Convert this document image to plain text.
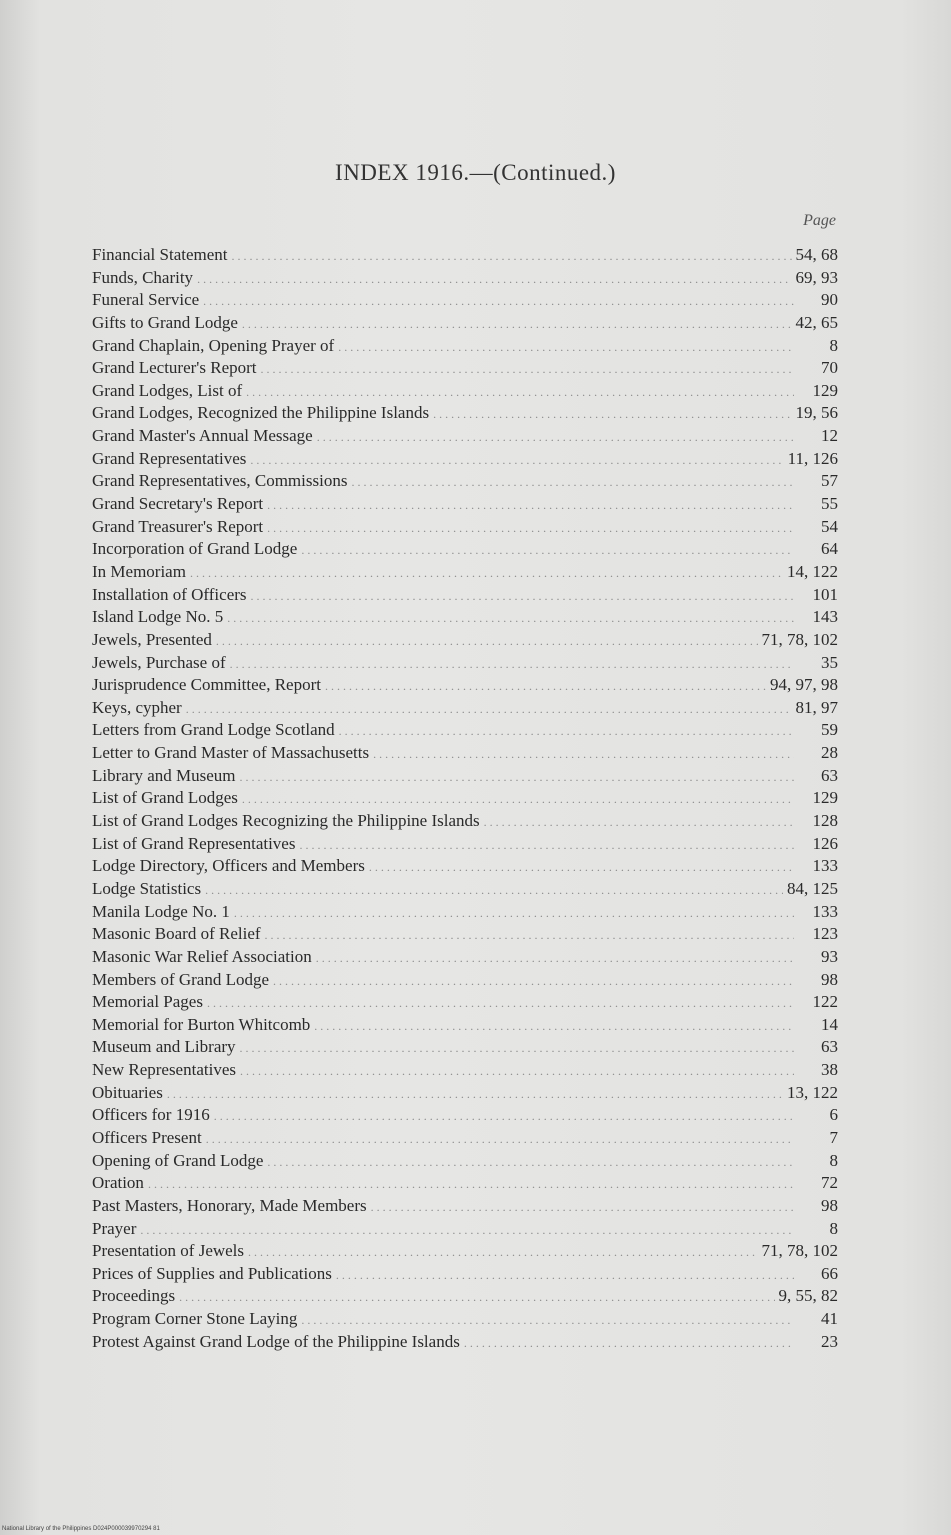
INDEX 1916.—(Continued.)
Page
Financial Statement .....	54, 68
Funds, Charity .....	69, 93
Funeral Service .....	90
Gifts to Grand Lodge .....	42, 65
Grand Chaplain, Opening Prayer of .....	8
Grand Lecturer's Report .....	70
Grand Lodges, List of .....	129
Grand Lodges, Recognized the Philippine Islands .....	19, 56
Grand Master's Annual Message .....	12
Grand Representatives .....	11, 126
Grand Representatives, Commissions .....	57
Grand Secretary's Report .....	55
Grand Treasurer's Report .....	54
Incorporation of Grand Lodge .....	64
In Memoriam .....	14, 122
Installation of Officers .....	101
Island Lodge No. 5 .....	143
Jewels, Presented .....	71, 78, 102
Jewels, Purchase of .....	35
Jurisprudence Committee, Report .....	94, 97, 98
Keys, cypher .....	81, 97
Letters from Grand Lodge Scotland .....	59
Letter to Grand Master of Massachusetts .....	28
Library and Museum .....	63
List of Grand Lodges .....	129
List of Grand Lodges Recognizing the Philippine Islands .....	128
List of Grand Representatives .....	126
Lodge Directory, Officers and Members .....	133
Lodge Statistics .....	84, 125
Manila Lodge No. 1 .....	133
Masonic Board of Relief .....	123
Masonic War Relief Association .....	93
Members of Grand Lodge .....	98
Memorial Pages .....	122
Memorial for Burton Whitcomb .....	14
Museum and Library .....	63
New Representatives .....	38
Obituaries .....	13, 122
Officers for 1916 .....	6
Officers Present .....	7
Opening of Grand Lodge .....	8
Oration .....	72
Past Masters, Honorary, Made Members .....	98
Prayer .....	8
Presentation of Jewels .....	71, 78, 102
Prices of Supplies and Publications .....	66
Proceedings .....	9, 55, 82
Program Corner Stone Laying .....	41
Protest Against Grand Lodge of the Philippine Islands .....	23
National Library of the Philippines D024P000039970294 81
